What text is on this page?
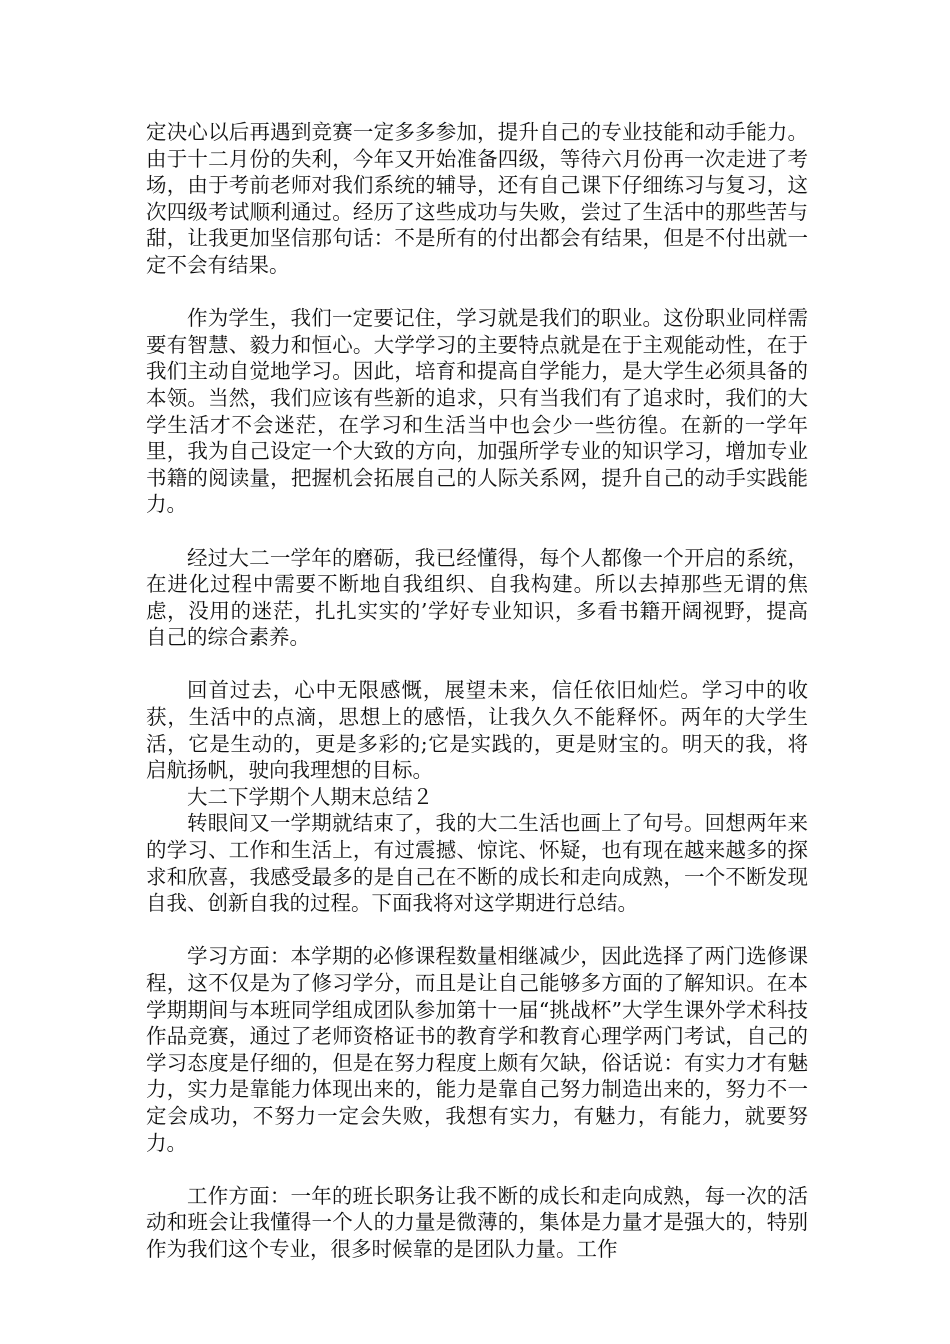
定决心以后再遇到竞赛一定多多参加，提升自己的专业技能和动手能力。由于十二月份的失利，今年又开始准备四级，等待六月份再一次走进了考场，由于考前老师对我们系统的辅导，还有自己课下仔细练习与复习，这次四级考试顺利通过。经历了这些成功与失败，尝过了生活中的那些苦与甜，让我更加坚信那句话：不是所有的付出都会有结果，但是不付出就一定不会有结果。

作为学生，我们一定要记住，学习就是我们的职业。这份职业同样需要有智慧、毅力和恒心。大学学习的主要特点就是在于主观能动性，在于我们主动自觉地学习。因此，培育和提高自学能力，是大学生必须具备的本领。当然，我们应该有些新的追求，只有当我们有了追求时，我们的大学生活才不会迷茫，在学习和生活当中也会少一些彷徨。在新的一学年里，我为自己设定一个大致的方向，加强所学专业的知识学习，增加专业书籍的阅读量，把握机会拓展自己的人际关系网，提升自己的动手实践能力。

经过大二一学年的磨砺，我已经懂得，每个人都像一个开启的系统，在进化过程中需要不断地自我组织、自我构建。所以去掉那些无谓的焦虑，没用的迷茫，扎扎实实的’学好专业知识，多看书籍开阔视野，提高自己的综合素养。

回首过去，心中无限感慨，展望未来，信任依旧灿烂。学习中的收获，生活中的点滴，思想上的感悟，让我久久不能释怀。两年的大学生活，它是生动的，更是多彩的;它是实践的，更是财宝的。明天的我，将启航扬帆，驶向我理想的目标。

大二下学期个人期末总结２

转眼间又一学期就结束了，我的大二生活也画上了句号。回想两年来的学习、工作和生活上，有过震撼、惊诧、怀疑，也有现在越来越多的探求和欣喜，我感受最多的是自己在不断的成长和走向成熟，一个不断发现自我、创新自我的过程。下面我将对这学期进行总结。

学习方面：本学期的必修课程数量相继减少，因此选择了两门选修课程，这不仅是为了修习学分，而且是让自己能够多方面的了解知识。在本学期期间与本班同学组成团队参加第十一届“挑战杯”大学生课外学术科技作品竞赛，通过了老师资格证书的教育学和教育心理学两门考试，自己的学习态度是仔细的，但是在努力程度上颇有欠缺，俗话说：有实力才有魅力，实力是靠能力体现出来的，能力是靠自己努力制造出来的，努力不一定会成功，不努力一定会失败，我想有实力，有魅力，有能力，就要努力。

工作方面：一年的班长职务让我不断的成长和走向成熟，每一次的活动和班会让我懂得一个人的力量是微薄的，集体是力量才是强大的，特别作为我们这个专业，很多时候靠的是团队力量。工作
